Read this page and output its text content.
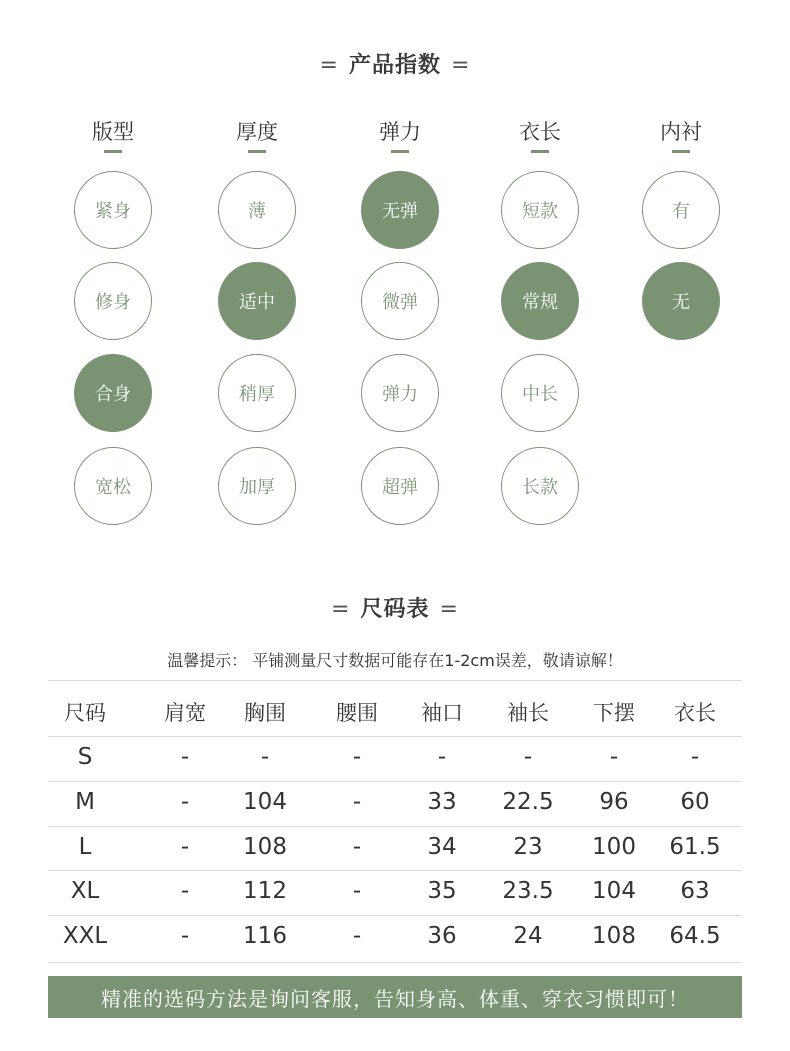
= 产品指数 =
版型
紧身
修身
合身
宽松
厚度
薄
适中
稍厚
加厚
弹力
无弹
微弹
弹力
超弹
衣长
短款
常规
中长
长款
内衬
有
无
= 尺码表 =
温馨提示： 平铺测量尺寸数据可能存在1-2cm误差，敬请谅解！
尺码	肩宽	胸围	腰围	袖口	袖长	下摆	衣长
S	-	-	-	-	-	-	-
M	-	104	-	33	22.5	96	60
L	-	108	-	34	23	100	61.5
XL	-	112	-	35	23.5	104	63
XXL	-	116	-	36	24	108	64.5
精准的选码方法是询问客服，告知身高、体重、穿衣习惯即可！
